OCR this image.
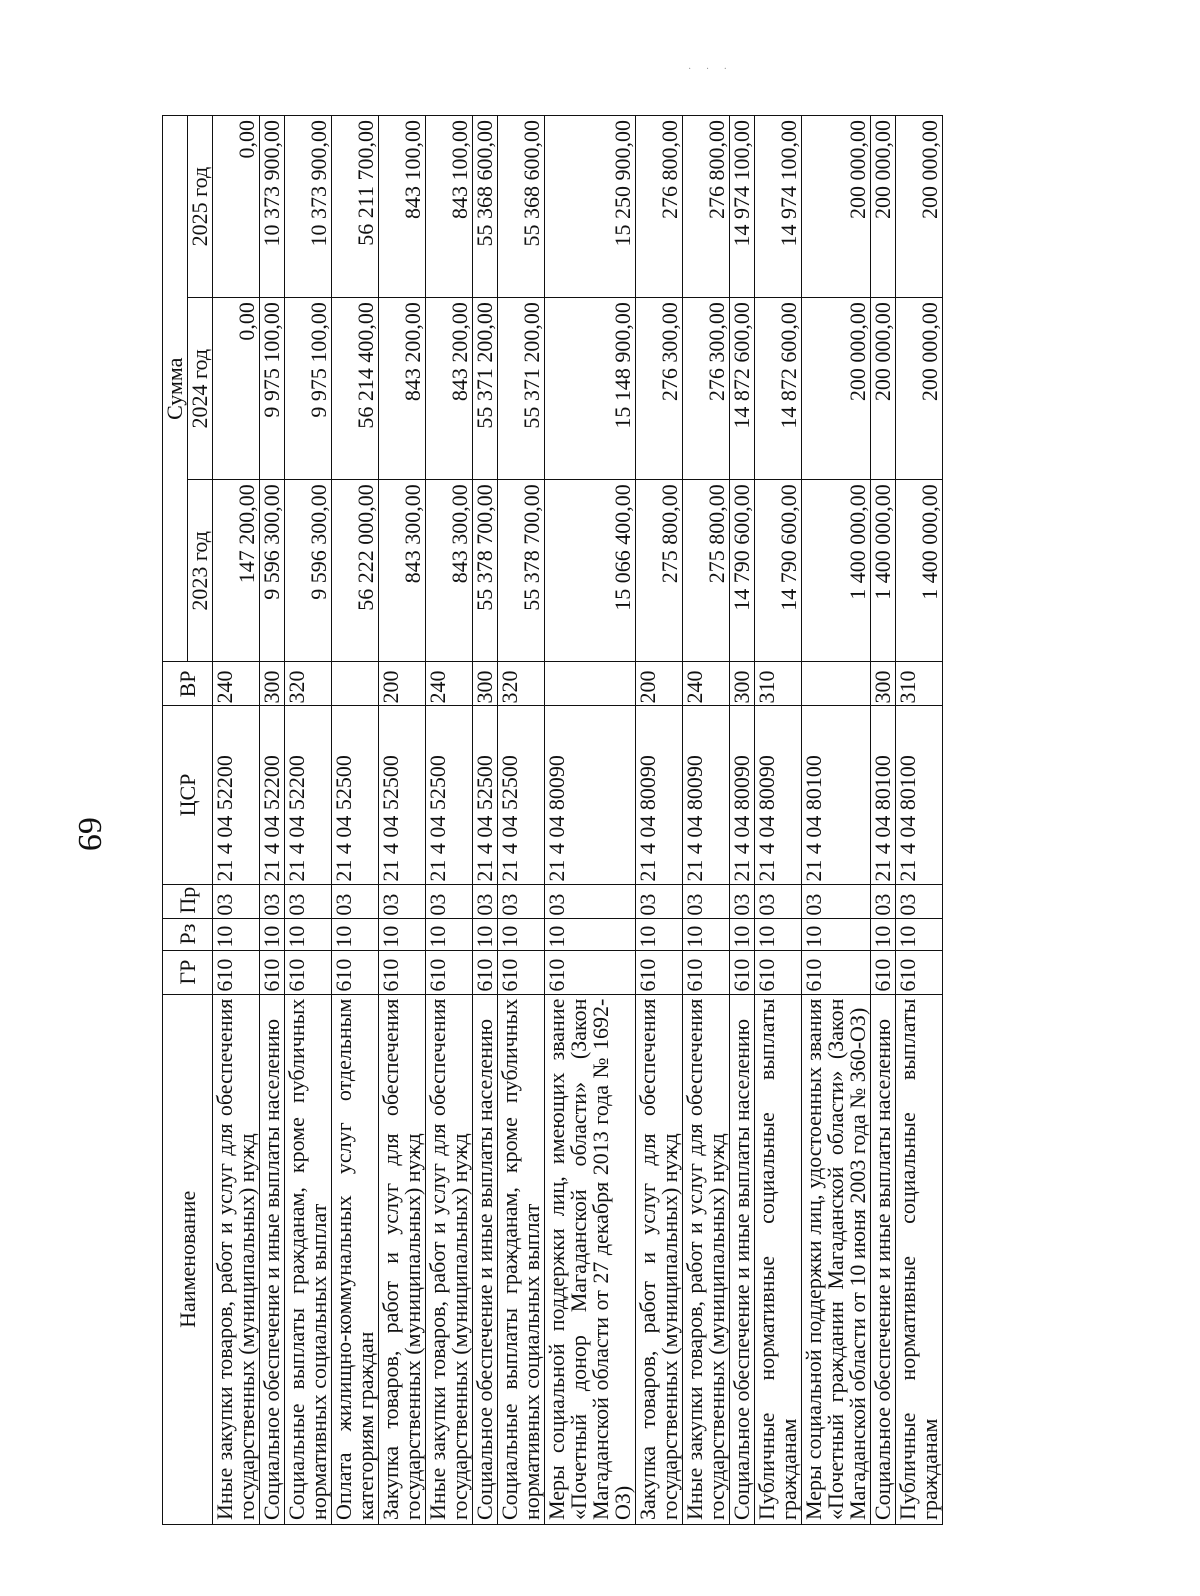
69
· · ·
Наименование	ГР	Рз	Пр	ЦСР	ВР	Сумма		
						2023 год	2024 год	2025 год
Иные закупки товаров, работ и услуг для обеспечения государственных (муниципальных) нужд	610	10	03	21 4 04 52200	240	147 200,00	0,00	0,00
Социальное обеспечение и иные выплаты населению	610	10	03	21 4 04 52200	300	9 596 300,00	9 975 100,00	10 373 900,00
Социальные выплаты гражданам, кроме публичных нормативных социальных выплат	610	10	03	21 4 04 52200	320	9 596 300,00	9 975 100,00	10 373 900,00
Оплата жилищно-коммунальных услуг отдельным категориям граждан	610	10	03	21 4 04 52500		56 222 000,00	56 214 400,00	56 211 700,00
Закупка товаров, работ и услуг для обеспечения государственных (муниципальных) нужд	610	10	03	21 4 04 52500	200	843 300,00	843 200,00	843 100,00
Иные закупки товаров, работ и услуг для обеспечения государственных (муниципальных) нужд	610	10	03	21 4 04 52500	240	843 300,00	843 200,00	843 100,00
Социальное обеспечение и иные выплаты населению	610	10	03	21 4 04 52500	300	55 378 700,00	55 371 200,00	55 368 600,00
Социальные выплаты гражданам, кроме публичных нормативных социальных выплат	610	10	03	21 4 04 52500	320	55 378 700,00	55 371 200,00	55 368 600,00
Меры социальной поддержки лиц, имеющих звание «Почетный донор Магаданской области» (Закон Магаданской области от 27 декабря 2013 года № 1692-ОЗ)	610	10	03	21 4 04 80090		15 066 400,00	15 148 900,00	15 250 900,00
Закупка товаров, работ и услуг для обеспечения государственных (муниципальных) нужд	610	10	03	21 4 04 80090	200	275 800,00	276 300,00	276 800,00
Иные закупки товаров, работ и услуг для обеспечения государственных (муниципальных) нужд	610	10	03	21 4 04 80090	240	275 800,00	276 300,00	276 800,00
Социальное обеспечение и иные выплаты населению	610	10	03	21 4 04 80090	300	14 790 600,00	14 872 600,00	14 974 100,00
Публичные нормативные социальные выплаты гражданам	610	10	03	21 4 04 80090	310	14 790 600,00	14 872 600,00	14 974 100,00
Меры социальной поддержки лиц, удостоенных звания «Почетный гражданин Магаданской области» (Закон Магаданской области от 10 июня 2003 года № 360-ОЗ)	610	10	03	21 4 04 80100		1 400 000,00	200 000,00	200 000,00
Социальное обеспечение и иные выплаты населению	610	10	03	21 4 04 80100	300	1 400 000,00	200 000,00	200 000,00
Публичные нормативные социальные выплаты гражданам	610	10	03	21 4 04 80100	310	1 400 000,00	200 000,00	200 000,00
